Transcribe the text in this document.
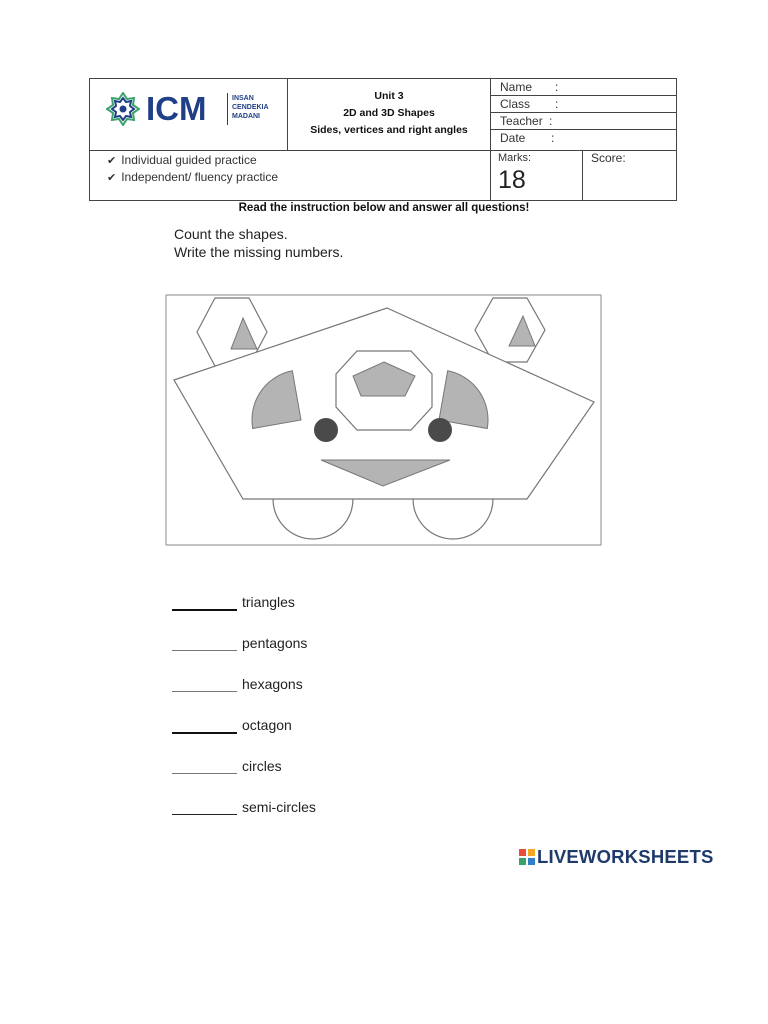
ICM	INSAN
CENDEKIA
MADANI
Unit 3
2D and 3D Shapes
Sides, vertices and right angles
Name :
Class :
Teacher :
Date :
✔ Individual guided practice
✔ Independent/ fluency practice
Marks:
18
Score:
Read the instruction below and answer all questions!
Count the shapes.
Write the missing numbers.
triangles
pentagons
hexagons
octagon
circles
semi-circles
LIVEWORKSHEETS
